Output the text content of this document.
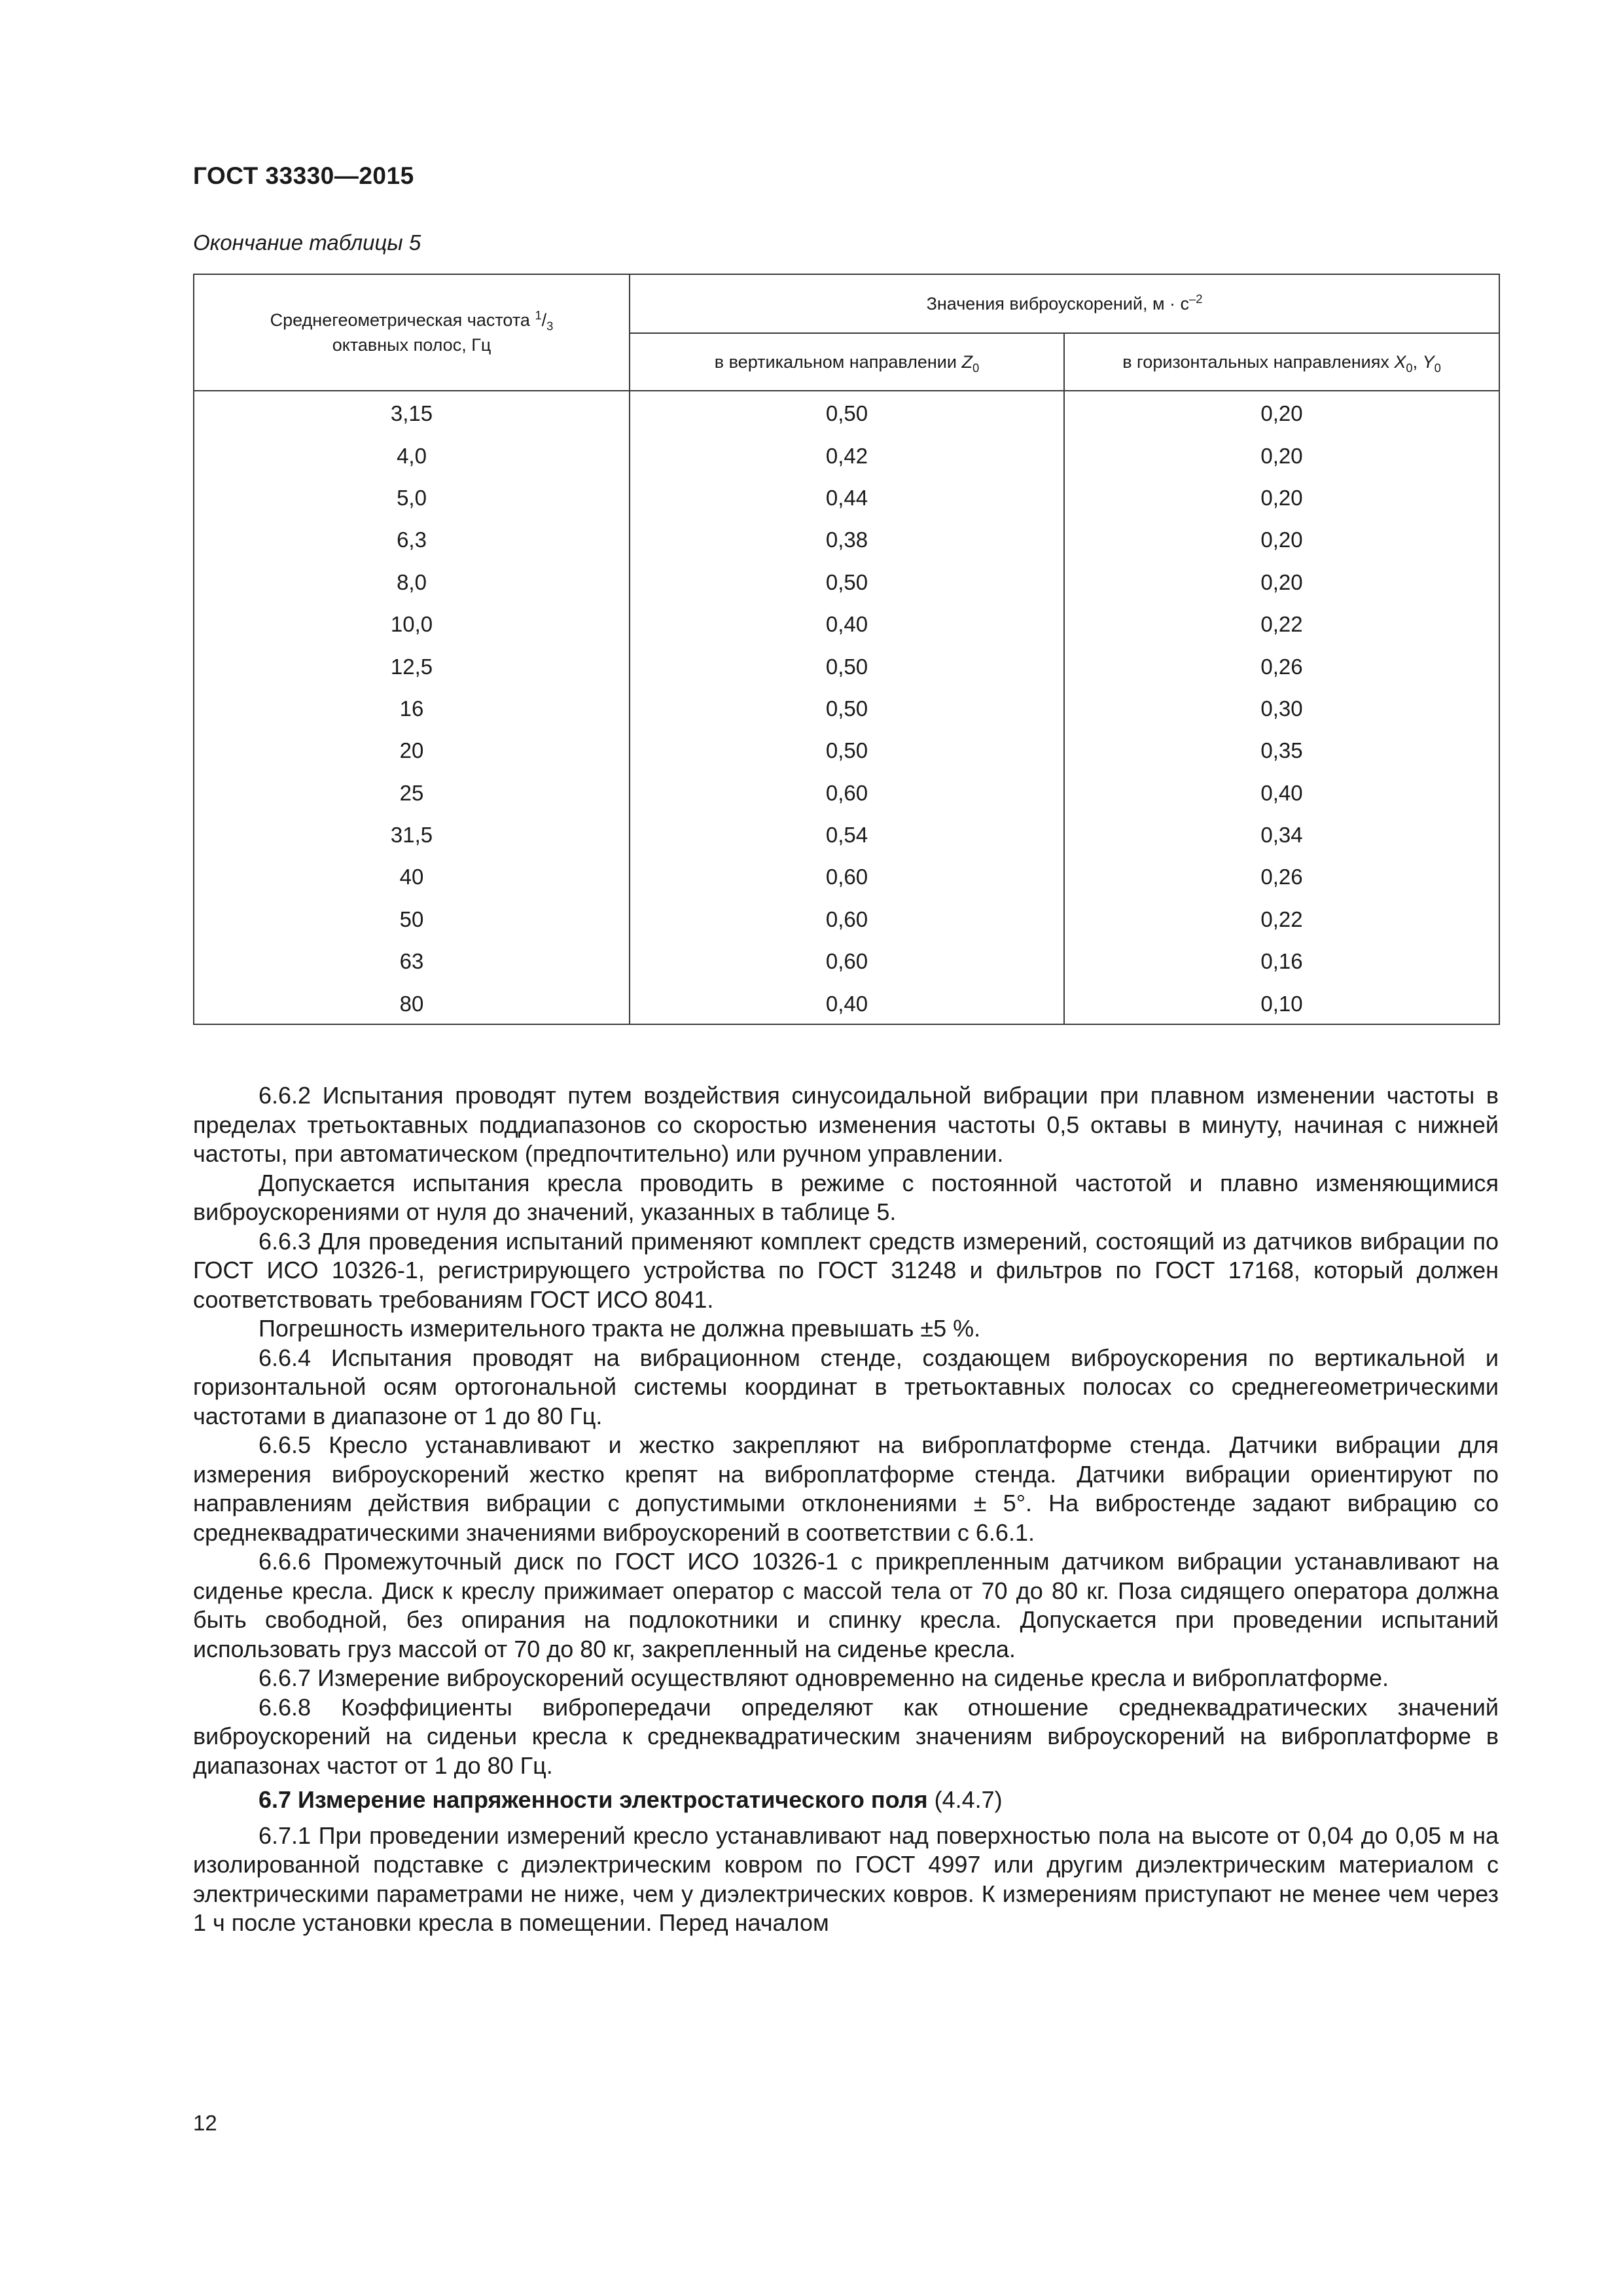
ГОСТ 33330—2015
Окончание таблицы 5
Среднегеометрическая частота $^1/_3$
октавных полос, Гц	Значения виброускорений, $м \cdot с^{-2}$
	в вертикальном направлении $Z_0$	в горизонтальных направлениях $X_0$, $Y_0$
3,15	0,50	0,20
4,0	0,42	0,20
5,0	0,44	0,20
6,3	0,38	0,20
8,0	0,50	0,20
10,0	0,40	0,22
12,5	0,50	0,26
16	0,50	0,30
20	0,50	0,35
25	0,60	0,40
31,5	0,54	0,34
40	0,60	0,26
50	0,60	0,22
63	0,60	0,16
80	0,40	0,10

6.6.2 Испытания проводят путем воздействия синусоидальной вибрации при плавном изменении частоты в пределах третьоктавных поддиапазонов со скоростью изменения частоты 0,5 октавы в минуту, начиная с нижней частоты, при автоматическом (предпочтительно) или ручном управлении.

Допускается испытания кресла проводить в режиме с постоянной частотой и плавно изменяющимися виброускорениями от нуля до значений, указанных в таблице 5.

6.6.3 Для проведения испытаний применяют комплект средств измерений, состоящий из датчиков вибрации по ГОСТ ИСО 10326-1, регистрирующего устройства по ГОСТ 31248 и фильтров по ГОСТ 17168, который должен соответствовать требованиям ГОСТ ИСО 8041.

Погрешность измерительного тракта не должна превышать ±5 %.

6.6.4 Испытания проводят на вибрационном стенде, создающем виброускорения по вертикальной и горизонтальной осям ортогональной системы координат в третьоктавных полосах со среднегеометрическими частотами в диапазоне от 1 до 80 Гц.

6.6.5 Кресло устанавливают и жестко закрепляют на виброплатформе стенда. Датчики вибрации для измерения виброускорений жестко крепят на виброплатформе стенда. Датчики вибрации ориентируют по направлениям действия вибрации с допустимыми отклонениями ± 5°. На вибростенде задают вибрацию со среднеквадратическими значениями виброускорений в соответствии с 6.6.1.

6.6.6 Промежуточный диск по ГОСТ ИСО 10326-1 с прикрепленным датчиком вибрации устанавливают на сиденье кресла. Диск к креслу прижимает оператор с массой тела от 70 до 80 кг. Поза сидящего оператора должна быть свободной, без опирания на подлокотники и спинку кресла. Допускается при проведении испытаний использовать груз массой от 70 до 80 кг, закрепленный на сиденье кресла.

6.6.7 Измерение виброускорений осуществляют одновременно на сиденье кресла и виброплатформе.

6.6.8 Коэффициенты вибропередачи определяют как отношение среднеквадратических значений виброускорений на сиденьи кресла к среднеквадратическим значениям виброускорений на виброплатформе в диапазонах частот от 1 до 80 Гц.

6.7 Измерение напряженности электростатического поля (4.4.7)

6.7.1 При проведении измерений кресло устанавливают над поверхностью пола на высоте от 0,04 до 0,05 м на изолированной подставке с диэлектрическим ковром по ГОСТ 4997 или другим диэлектрическим материалом с электрическими параметрами не ниже, чем у диэлектрических ковров. К измерениям приступают не менее чем через 1 ч после установки кресла в помещении. Перед началом

12
